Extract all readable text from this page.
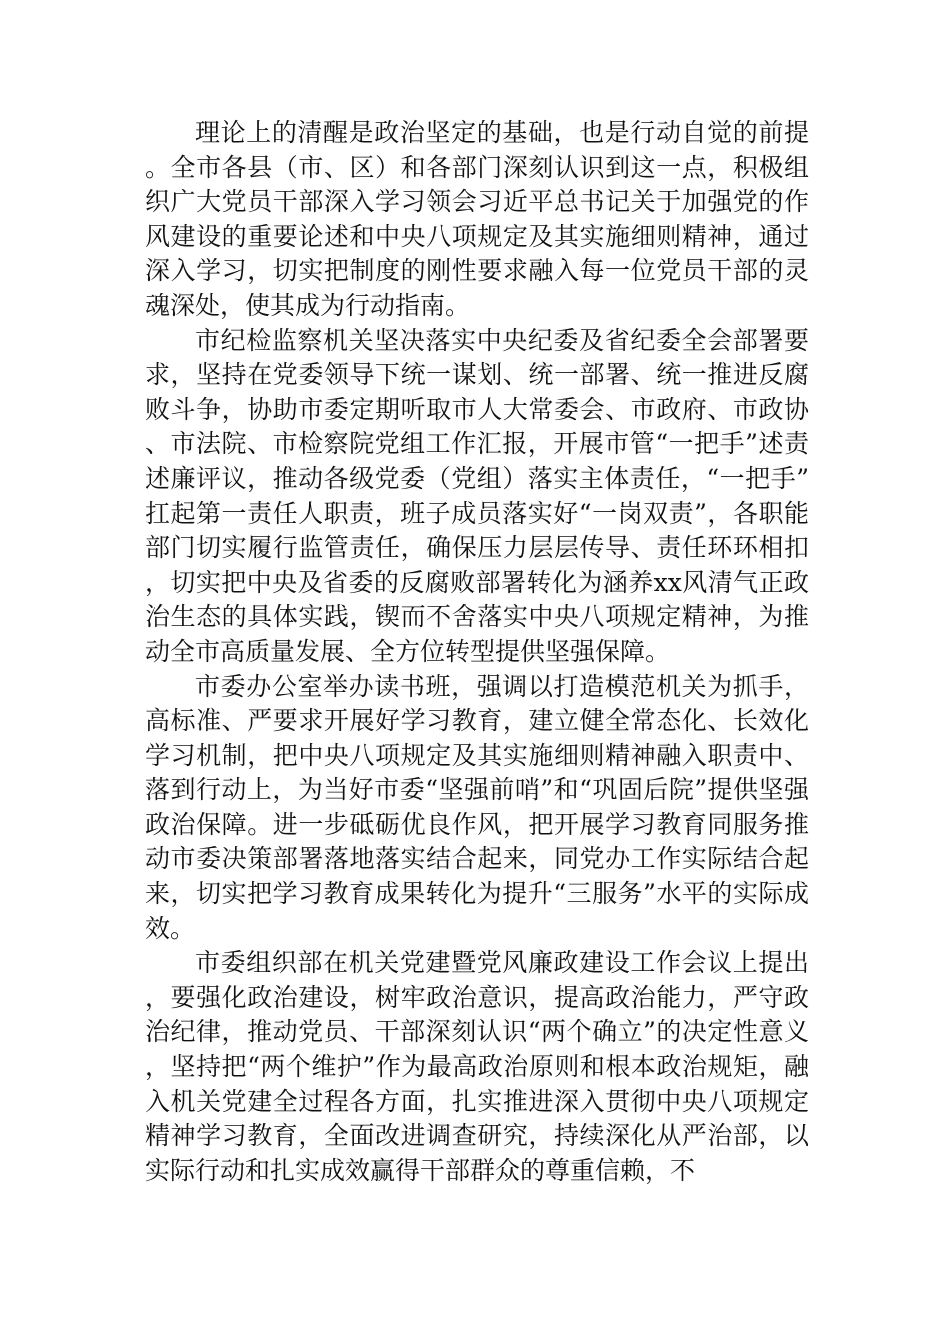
理论上的清醒是政治坚定的基础，也是行动自觉的前提。全市各县（市、区）和各部门深刻认识到这一点，积极组织广大党员干部深入学习领会习近平总书记关于加强党的作风建设的重要论述和中央八项规定及其实施细则精神，通过深入学习，切实把制度的刚性要求融入每一位党员干部的灵魂深处，使其成为行动指南。

市纪检监察机关坚决落实中央纪委及省纪委全会部署要求，坚持在党委领导下统一谋划、统一部署、统一推进反腐败斗争，协助市委定期听取市人大常委会、市政府、市政协、市法院、市检察院党组工作汇报，开展市管“一把手”述责述廉评议，推动各级党委（党组）落实主体责任，“一把手”扛起第一责任人职责，班子成员落实好“一岗双责”，各职能部门切实履行监管责任，确保压力层层传导、责任环环相扣，切实把中央及省委的反腐败部署转化为涵养xx风清气正政治生态的具体实践，锲而不舍落实中央八项规定精神，为推动全市高质量发展、全方位转型提供坚强保障。

市委办公室举办读书班，强调以打造模范机关为抓手，高标准、严要求开展好学习教育，建立健全常态化、长效化学习机制，把中央八项规定及其实施细则精神融入职责中、落到行动上，为当好市委“坚强前哨”和“巩固后院”提供坚强政治保障。进一步砥砺优良作风，把开展学习教育同服务推动市委决策部署落地落实结合起来，同党办工作实际结合起来，切实把学习教育成果转化为提升“三服务”水平的实际成效。

市委组织部在机关党建暨党风廉政建设工作会议上提出，要强化政治建设，树牢政治意识，提高政治能力，严守政治纪律，推动党员、干部深刻认识“两个确立”的决定性意义，坚持把“两个维护”作为最高政治原则和根本政治规矩，融入机关党建全过程各方面，扎实推进深入贯彻中央八项规定精神学习教育，全面改进调查研究，持续深化从严治部，以实际行动和扎实成效赢得干部群众的尊重信赖，不
